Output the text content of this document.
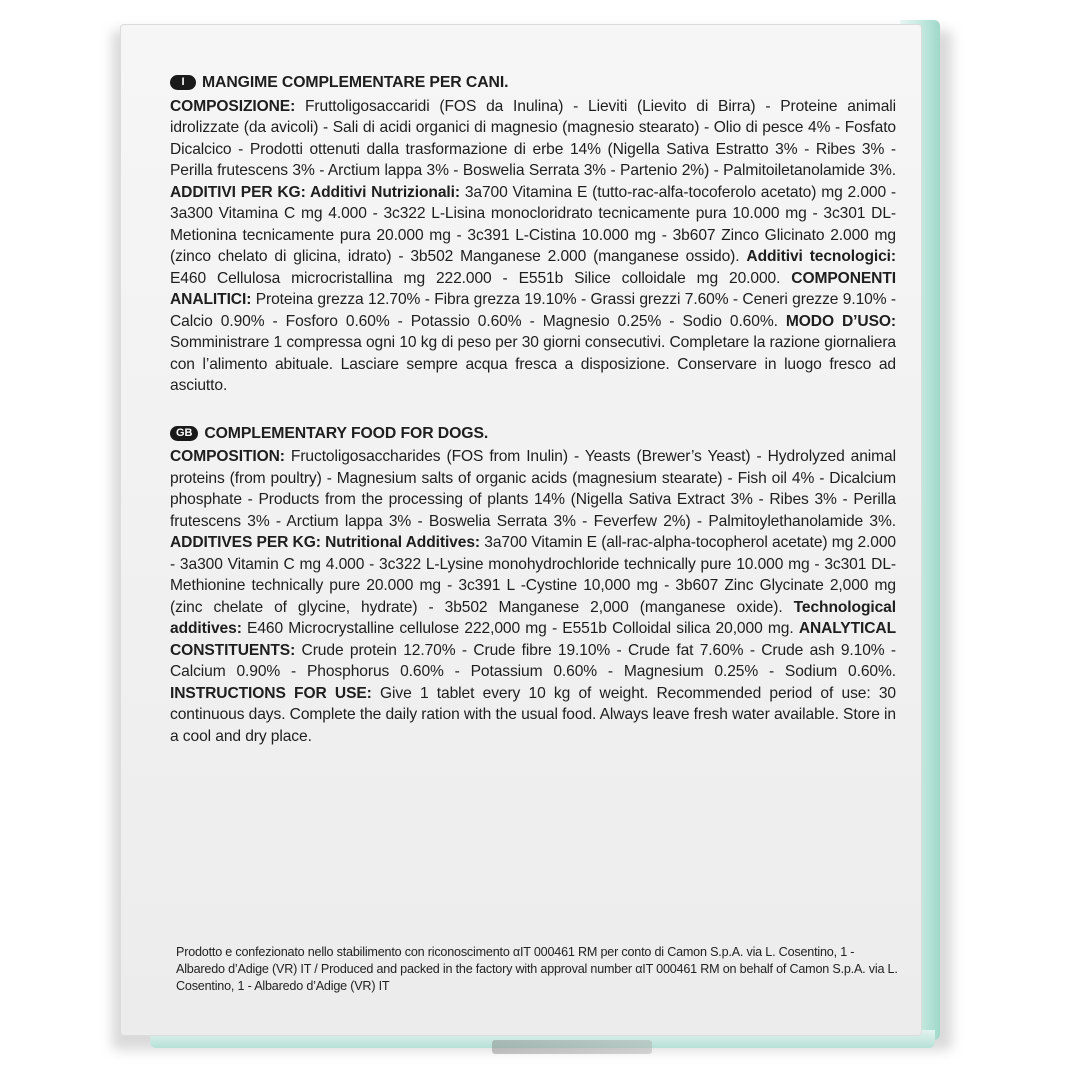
I	MANGIME COMPLEMENTARE PER CANI.
COMPOSIZIONE: Fruttoligosaccaridi (FOS da Inulina) - Lieviti (Lievito di Birra) - Proteine animali idrolizzate (da avicoli) - Sali di acidi organici di magnesio (magnesio stearato) - Olio di pesce 4% - Fosfato Dicalcico - Prodotti ottenuti dalla trasformazione di erbe 14% (Nigella Sativa Estratto 3% - Ribes 3% - Perilla frutescens 3% - Arctium lappa 3% - Boswelia Serrata 3% - Partenio 2%) - Palmitoiletanolamide 3%. ADDITIVI PER KG: Additivi Nutrizionali: 3a700 Vitamina E (tutto-rac-alfa-tocoferolo acetato) mg 2.000 - 3a300 Vitamina C mg 4.000 - 3c322 L-Lisina monocloridrato tecnicamente pura 10.000 mg - 3c301 DL-Metionina tecnicamente pura 20.000 mg - 3c391 L-Cistina 10.000 mg - 3b607 Zinco Glicinato 2.000 mg (zinco chelato di glicina, idrato) - 3b502 Manganese 2.000 (manganese ossido). Additivi tecnologici: E460 Cellulosa microcristallina mg 222.000 - E551b Silice colloidale mg 20.000. COMPONENTI ANALITICI: Proteina grezza 12.70% - Fibra grezza 19.10% - Grassi grezzi 7.60% - Ceneri grezze 9.10% - Calcio 0.90% - Fosforo 0.60% - Potassio 0.60% - Magnesio 0.25% - Sodio 0.60%. MODO D’USO: Somministrare 1 compressa ogni 10 kg di peso per 30 giorni consecutivi. Completare la razione giornaliera con l’alimento abituale. Lasciare sempre acqua fresca a disposizione. Conservare in luogo fresco ad asciutto.
GB COMPLEMENTARY FOOD FOR DOGS.
COMPOSITION: Fructoligosaccharides (FOS from Inulin) - Yeasts (Brewer’s Yeast) - Hydrolyzed animal proteins (from poultry) - Magnesium salts of organic acids (magnesium stearate) - Fish oil 4% - Dicalcium phosphate - Products from the processing of plants 14% (Nigella Sativa Extract 3% - Ribes 3% - Perilla frutescens 3% - Arctium lappa 3% - Boswelia Serrata 3% - Feverfew 2%) - Palmitoylethanolamide 3%. ADDITIVES PER KG: Nutritional Additives: 3a700 Vitamin E (all-rac-alpha-tocopherol acetate) mg 2.000 - 3a300 Vitamin C mg 4.000 - 3c322 L-Lysine monohydrochloride technically pure 10.000 mg - 3c301 DL-Methionine technically pure 20.000 mg - 3c391 L -Cystine 10,000 mg - 3b607 Zinc Glycinate 2,000 mg (zinc chelate of glycine, hydrate) - 3b502 Manganese 2,000 (manganese oxide). Technological additives: E460 Microcrystalline cellulose 222,000 mg - E551b Colloidal silica 20,000 mg. ANALYTICAL CONSTITUENTS: Crude protein 12.70% - Crude fibre 19.10% - Crude fat 7.60% - Crude ash 9.10% - Calcium 0.90% - Phosphorus 0.60% - Potassium 0.60% - Magnesium 0.25% - Sodium 0.60%. INSTRUCTIONS FOR USE: Give 1 tablet every 10 kg of weight. Recommended period of use: 30 continuous days. Complete the daily ration with the usual food. Always leave fresh water available. Store in a cool and dry place.
Prodotto e confezionato nello stabilimento con riconoscimento αIT 000461 RM per conto di Camon S.p.A. via L. Cosentino, 1 - Albaredo d’Adige (VR) IT / Produced and packed in the factory with approval number αIT 000461 RM on behalf of Camon S.p.A. via L. Cosentino, 1 - Albaredo d’Adige (VR) IT
